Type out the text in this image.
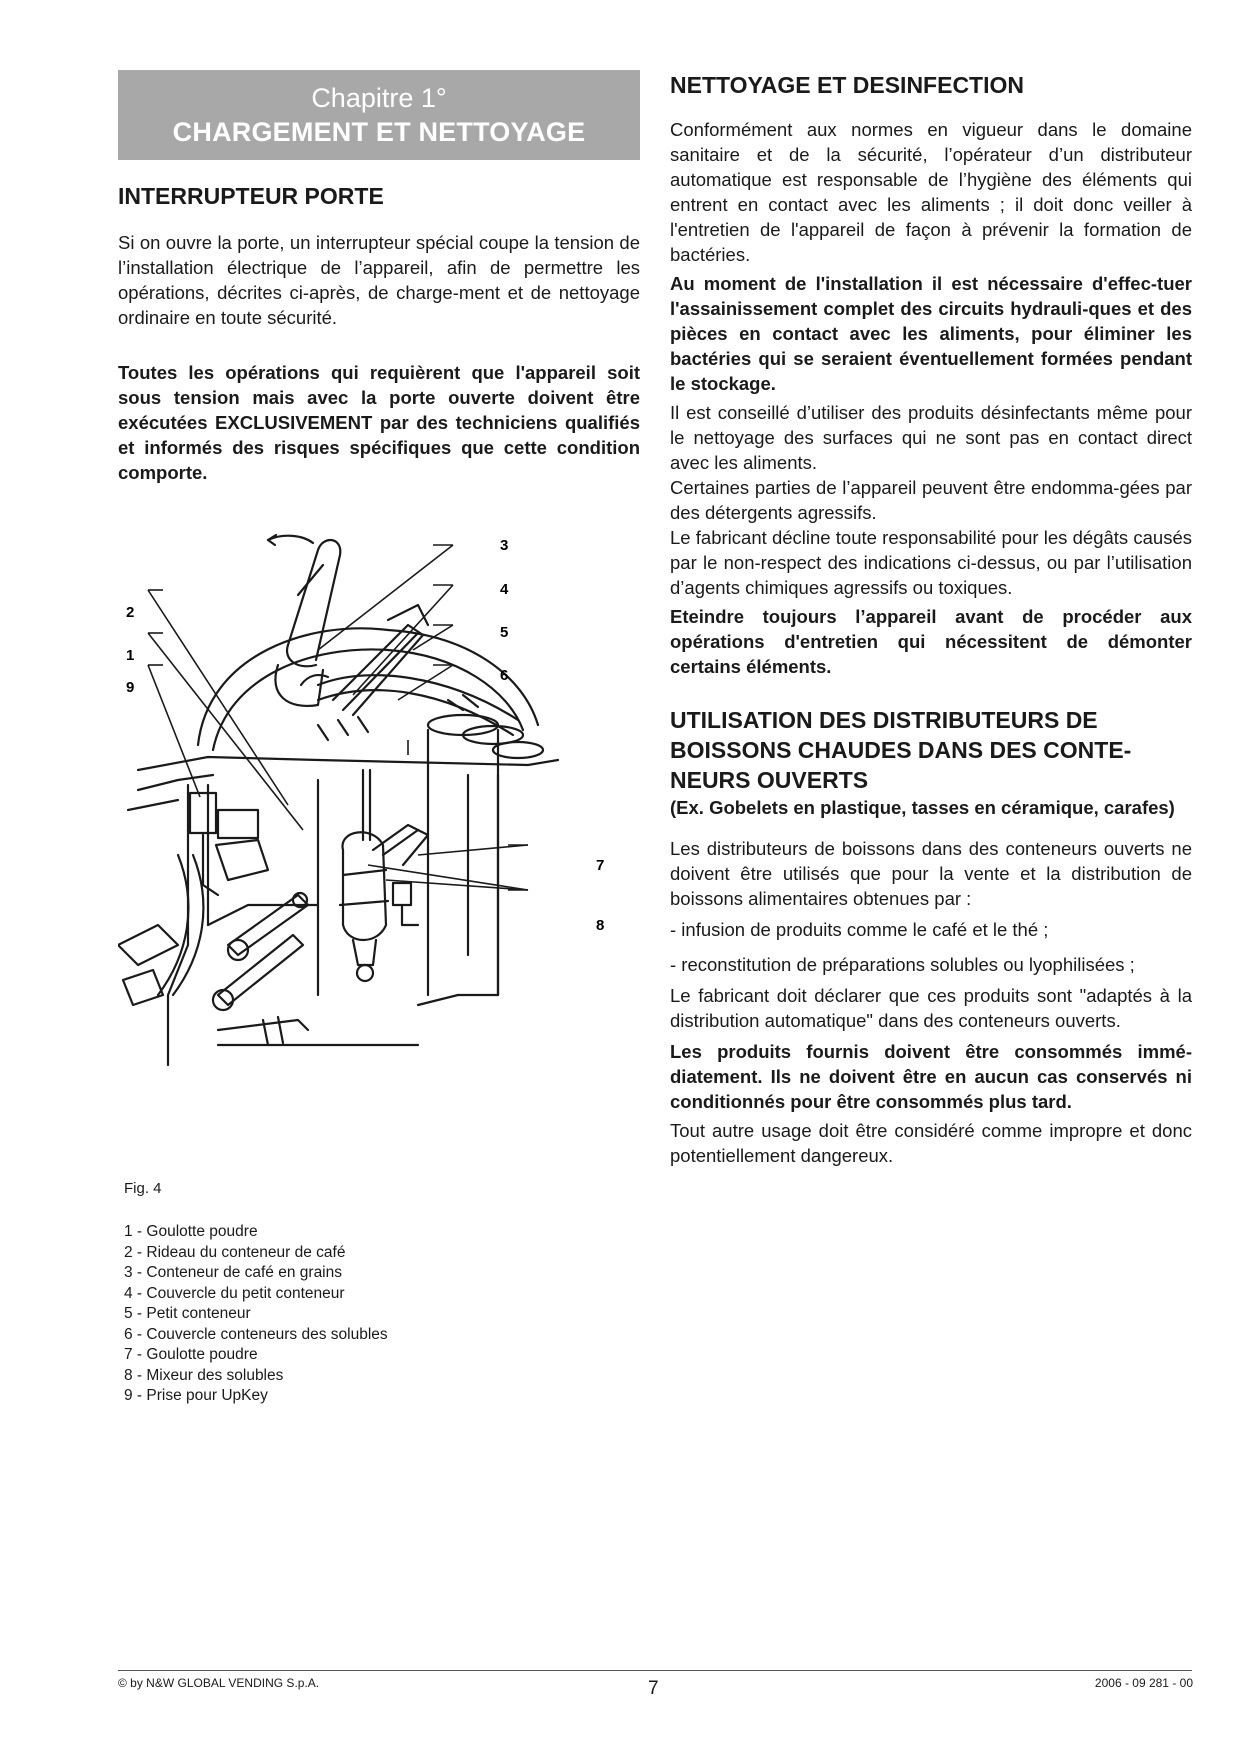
Chapitre 1°
CHARGEMENT ET NETTOYAGE
INTERRUPTEUR PORTE

Si on ouvre la porte, un interrupteur spécial coupe la tension de l’installation électrique de l’appareil, afin de permettre les opérations, décrites ci-après, de charge-ment et de nettoyage ordinaire en toute sécurité.

Toutes les opérations qui requièrent que l'appareil soit sous tension mais avec la porte ouverte doivent être exécutées EXCLUSIVEMENT par des techniciens qualifiés et informés des risques spécifiques que cette condition comporte.

2
1
9
3
4
5
6
7
8
Fig. 4
1 - Goulotte poudre
2 - Rideau du conteneur de café
3 - Conteneur de café en grains
4 - Couvercle du petit conteneur
5 - Petit conteneur
6 - Couvercle conteneurs des solubles
7 - Goulotte poudre
8 - Mixeur des solubles
9 - Prise pour UpKey
NETTOYAGE ET DESINFECTION

Conformément aux normes en vigueur dans le domaine sanitaire et de la sécurité, l’opérateur d’un distributeur automatique est responsable de l’hygiène des éléments qui entrent en contact avec les aliments ; il doit donc veiller à l'entretien de l'appareil de façon à prévenir la formation de bactéries.

Au moment de l'installation il est nécessaire d'effec-tuer l'assainissement complet des circuits hydrauli-ques et des pièces en contact avec les aliments, pour éliminer les bactéries qui se seraient éventuellement formées pendant le stockage.

Il est conseillé d’utiliser des produits désinfectants même pour le nettoyage des surfaces qui ne sont pas en contact direct avec les aliments.

Certaines parties de l’appareil peuvent être endomma-gées par des détergents agressifs.

Le fabricant décline toute responsabilité pour les dégâts causés par le non-respect des indications ci-dessus, ou par l’utilisation d’agents chimiques agressifs ou toxiques.

Eteindre toujours l’appareil avant de procéder aux opérations d'entretien qui nécessitent de démonter certains éléments.

UTILISATION DES DISTRIBUTEURS DE BOISSONS CHAUDES DANS DES CONTE-NEURS OUVERTS

(Ex. Gobelets en plastique, tasses en céramique, carafes)

Les distributeurs de boissons dans des conteneurs ouverts ne doivent être utilisés que pour la vente et la distribution de boissons alimentaires obtenues par :

- infusion de produits comme le café et le thé ;

- reconstitution de préparations solubles ou lyophilisées ;

Le fabricant doit déclarer que ces produits sont "adaptés à la distribution automatique" dans des conteneurs ouverts.

Les produits fournis doivent être consommés immé-diatement. Ils ne doivent être en aucun cas conservés ni conditionnés pour être consommés plus tard.

Tout autre usage doit être considéré comme impropre et donc potentiellement dangereux.

© by N&W GLOBAL VENDING S.p.A.	7	2006 - 09 281 - 00
